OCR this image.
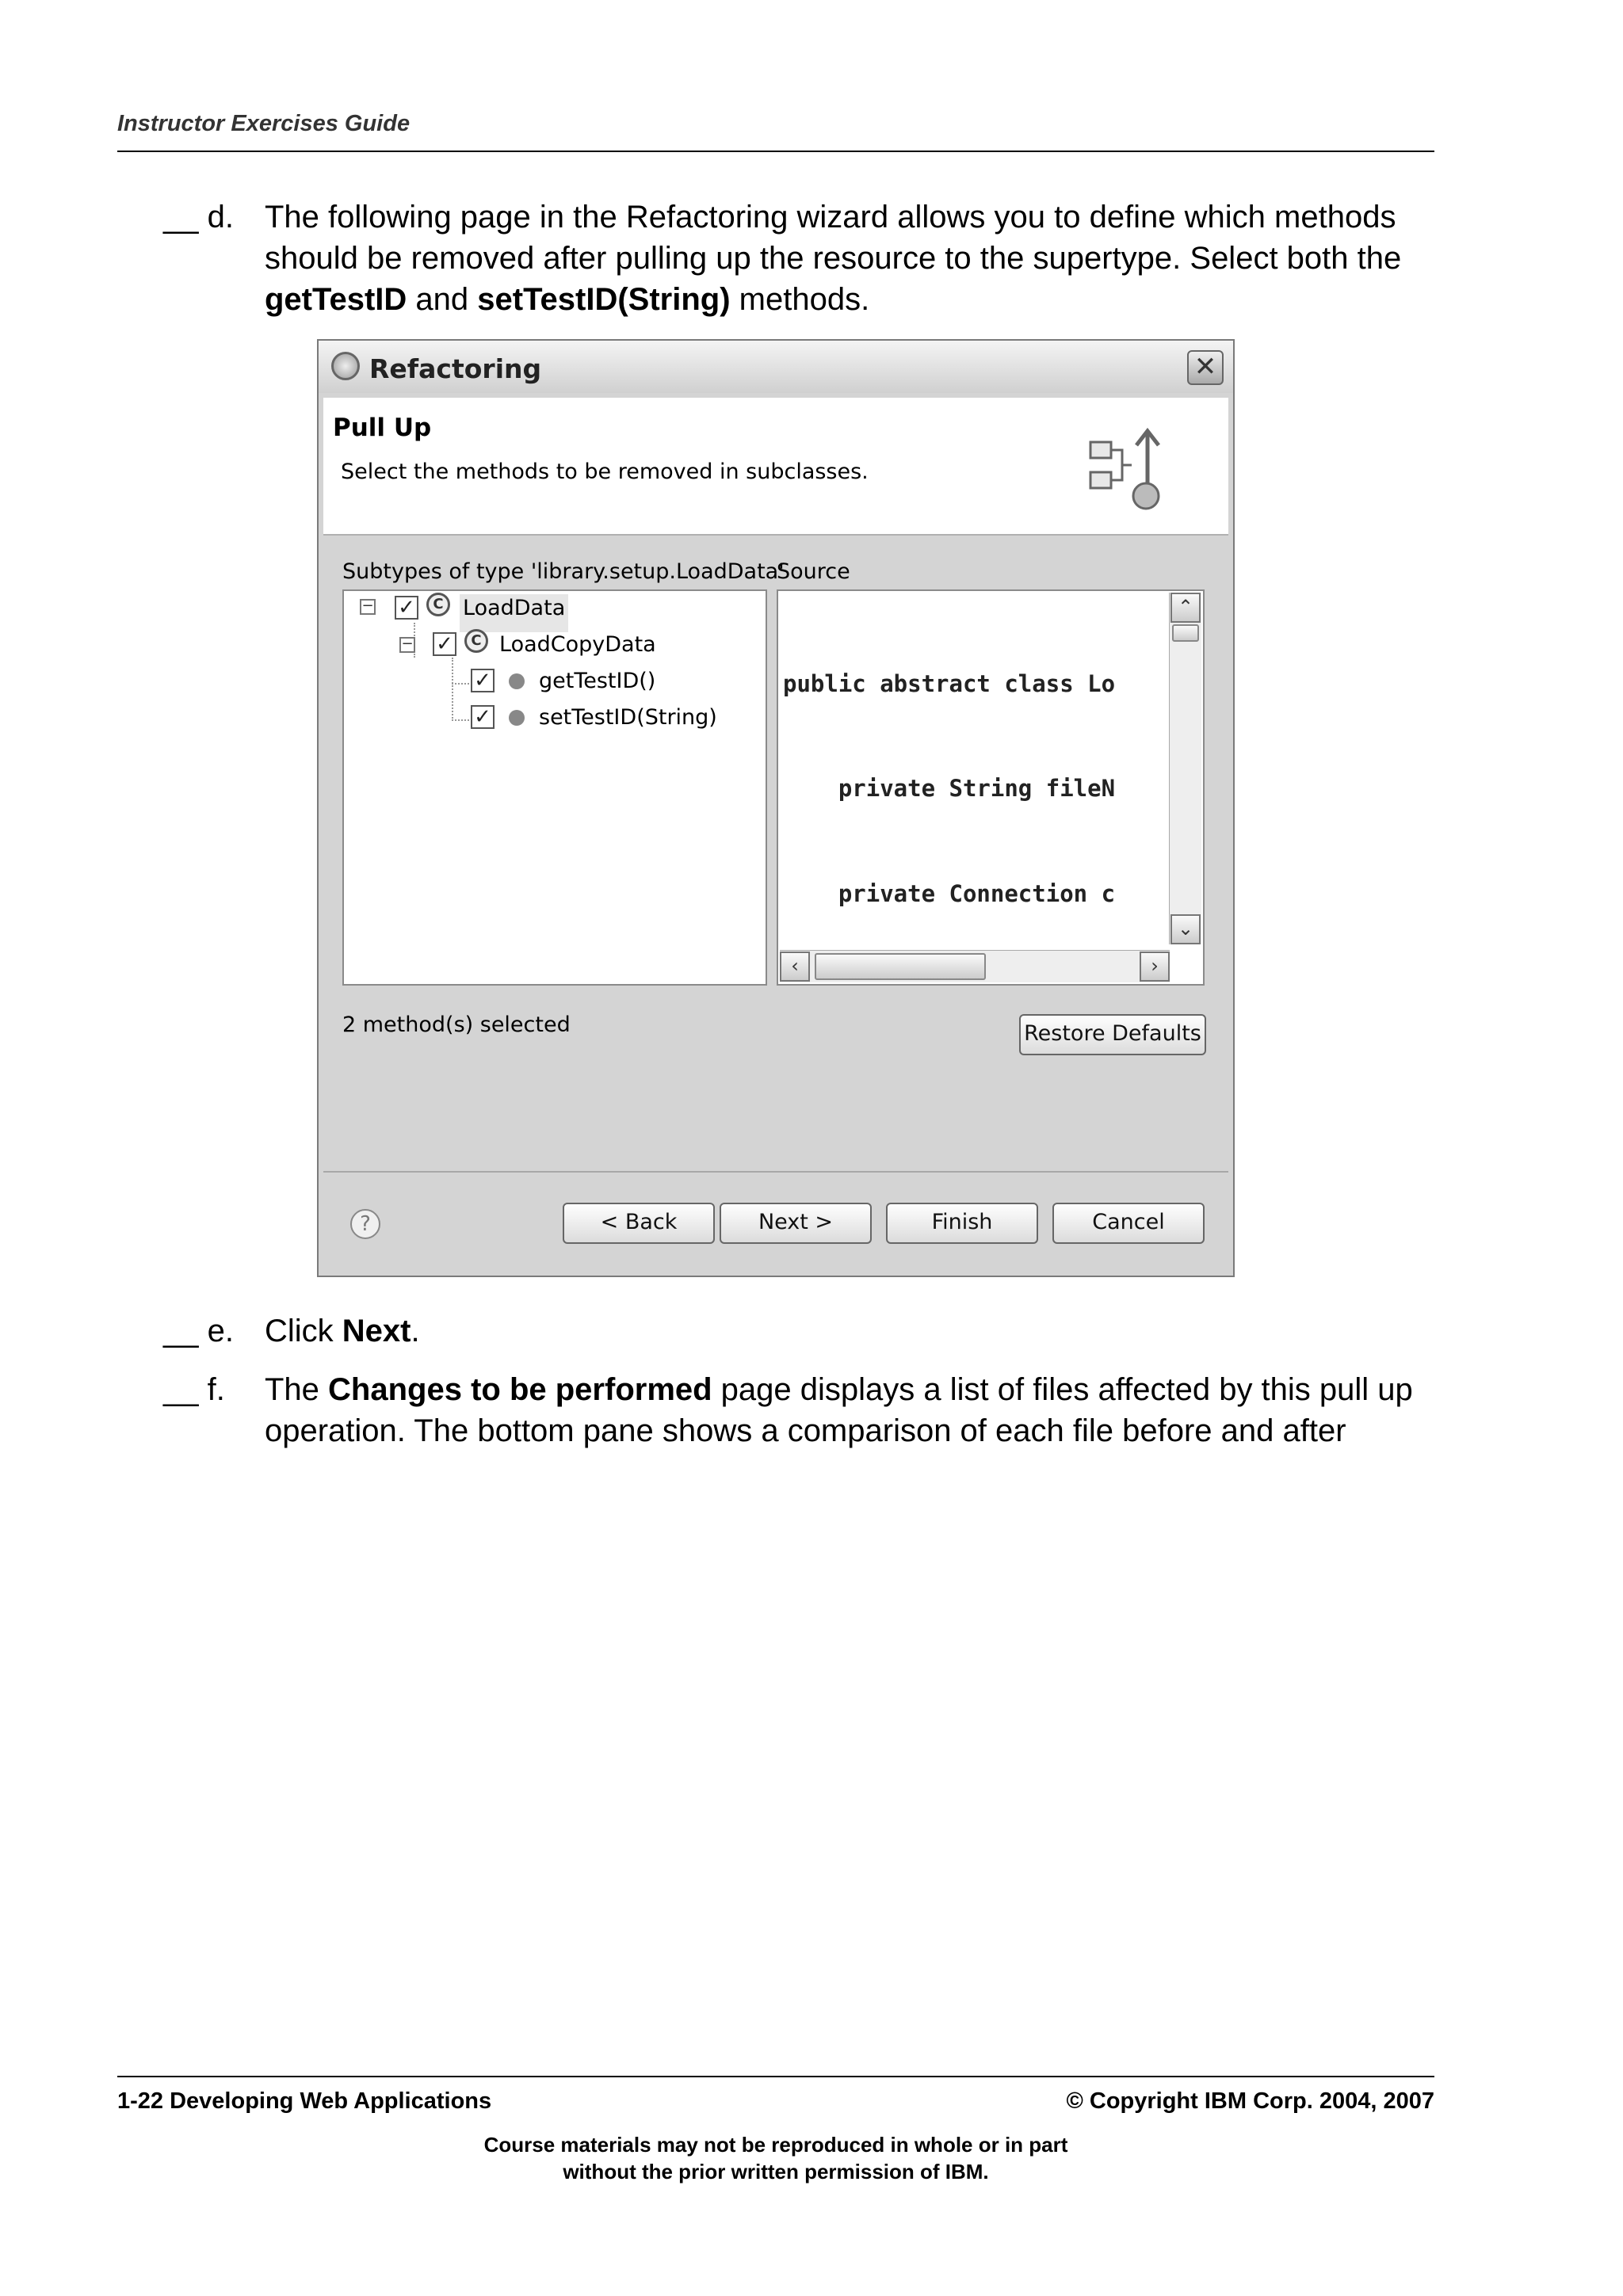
Instructor Exercises Guide
__ d. The following page in the Refactoring wizard allows you to define which methods should be removed after pulling up the resource to the supertype. Select both the getTestID and setTestID(String) methods.
Refactoring	✕
Pull Up
Select the methods to be removed in subclasses.
Subtypes of type 'library.setup.LoadData'
Source
− ✓	C LoadData
− ✓	C LoadCopyData
✓ getTestID()
✓ setTestID(String)

public abstract class Lo

private String fileN

private Connection c

⌃
⌄
‹	›
2 method(s) selected	Restore Defaults
?	< Back	Next >	Finish	Cancel
__ e. Click Next.
__ f.	The Changes to be performed page displays a list of files affected by this pull up operation. The bottom pane shows a comparison of each file before and after
1-22 Developing Web Applications	© Copyright IBM Corp. 2004, 2007
Course materials may not be reproduced in whole or in part
without the prior written permission of IBM.
